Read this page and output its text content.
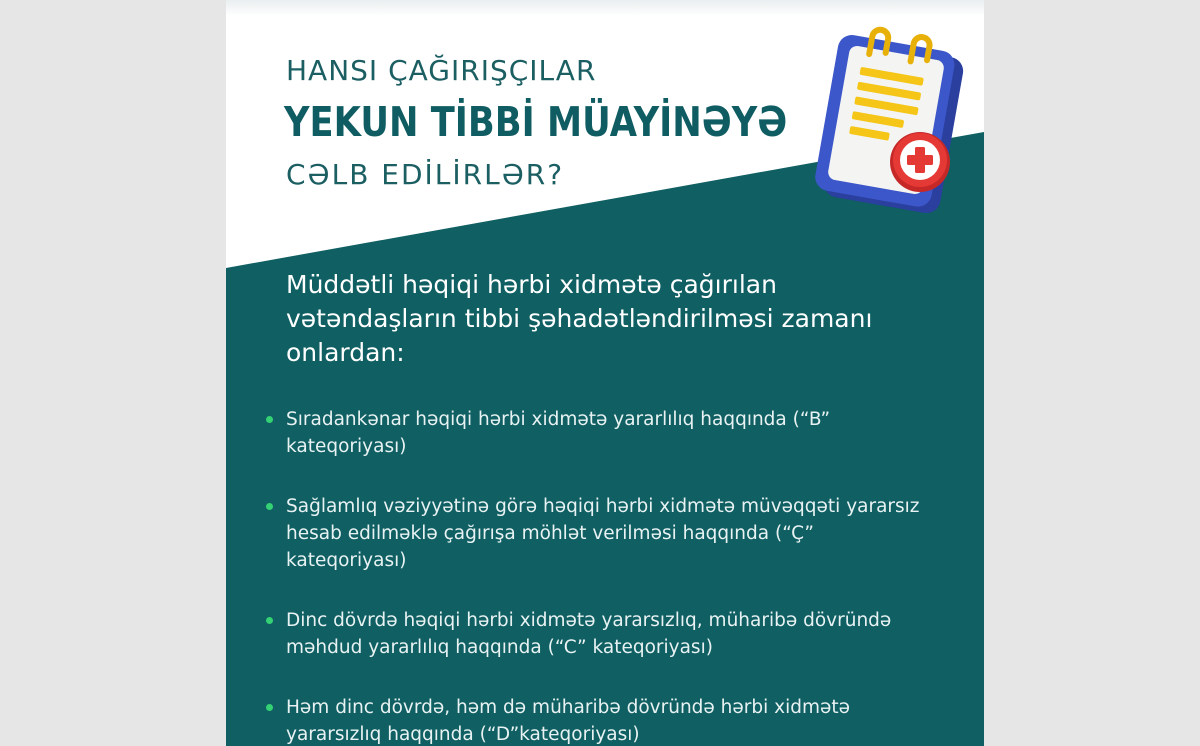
HANSI ÇAĞIRIŞÇILAR
YEKUN TİBBİ MÜAYİNƏYƏ
CƏLB EDİLİRLƏR?
Müddətli həqiqi hərbi xidmətə çağırılan vətəndaşların tibbi şəhadətləndirilməsi zamanı onlardan:
Sıradankənar həqiqi hərbi xidmətə yararlılıq haqqında (“B” kateqoriyası)
Sağlamlıq vəziyyətinə görə həqiqi hərbi xidmətə müvəqqəti yararsız hesab edilməklə çağırışa möhlət verilməsi haqqında (“Ç” kateqoriyası)
Dinc dövrdə həqiqi hərbi xidmətə yararsızlıq, müharibə dövründə məhdud yararlılıq haqqında (“C” kateqoriyası)
Həm dinc dövrdə, həm də müharibə dövründə hərbi xidmətə yararsızlıq haqqında (“D”kateqoriyası)
